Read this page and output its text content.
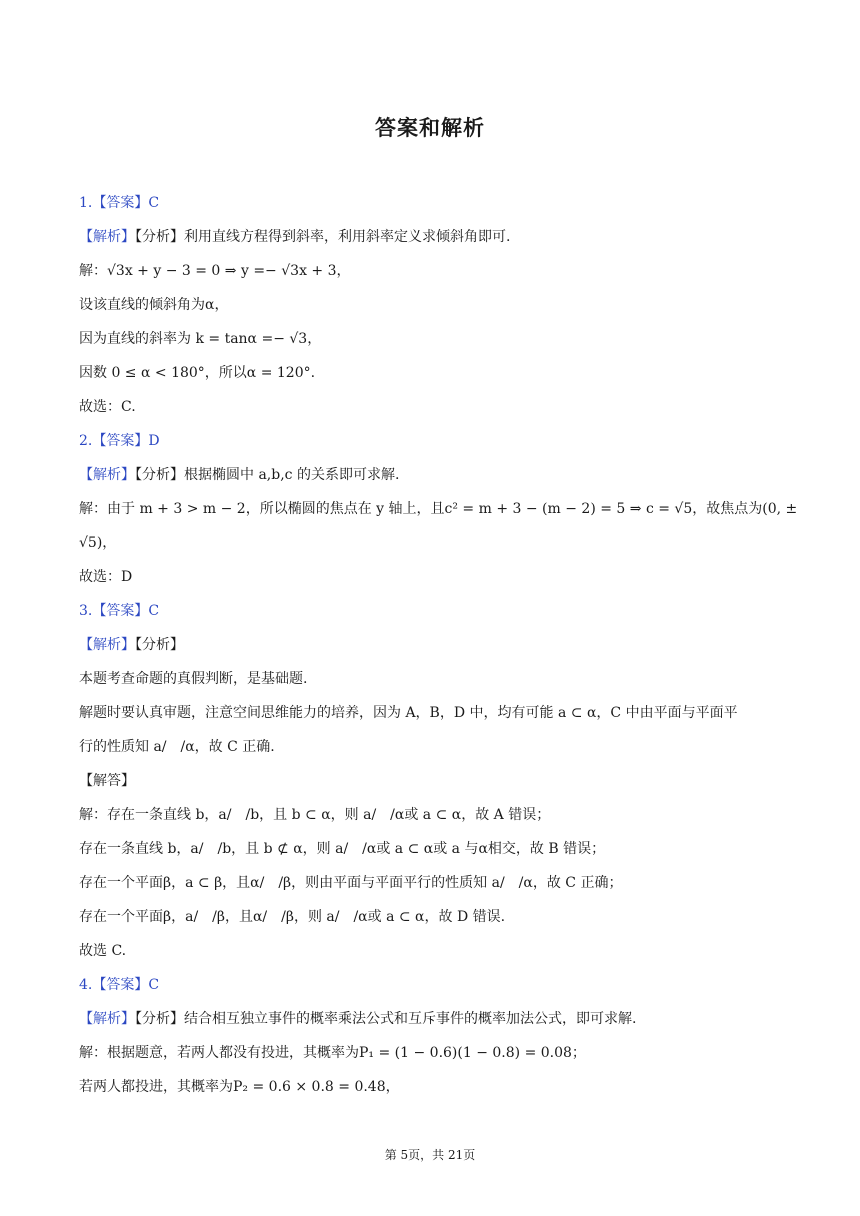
答案和解析
1.【答案】C
【解析】【分析】利用直线方程得到斜率，利用斜率定义求倾斜角即可.
解：√3x + y − 3 = 0 ⇒ y =− √3x + 3，
设该直线的倾斜角为α，
因为直线的斜率为 k = tanα =− √3，
因数 0 ≤ α < 180°，所以α = 120°.
故选：C.
2.【答案】D
【解析】【分析】根据椭圆中 a,b,c 的关系即可求解.
解：由于 m + 3 > m − 2，所以椭圆的焦点在 y 轴上，且c² = m + 3 − (m − 2) = 5 ⇒ c = √5，故焦点为(0, ±
√5)，
故选：D
3.【答案】C
【解析】【分析】
本题考查命题的真假判断，是基础题.
解题时要认真审题，注意空间思维能力的培养，因为 A，B，D 中，均有可能 a ⊂ α，C 中由平面与平面平
行的性质知 a/　/α，故 C 正确.
【解答】
解：存在一条直线 b，a/　/b，且 b ⊂ α，则 a/　/α或 a ⊂ α，故 A 错误；
存在一条直线 b，a/　/b，且 b ⊄ α，则 a/　/α或 a ⊂ α或 a 与α相交，故 B 错误；
存在一个平面β，a ⊂ β，且α/　/β，则由平面与平面平行的性质知 a/　/α，故 C 正确；
存在一个平面β，a/　/β，且α/　/β，则 a/　/α或 a ⊂ α，故 D 错误.
故选 C.
4.【答案】C
【解析】【分析】结合相互独立事件的概率乘法公式和互斥事件的概率加法公式，即可求解.
解：根据题意，若两人都没有投进，其概率为P₁ = (1 − 0.6)(1 − 0.8) = 0.08；
若两人都投进，其概率为P₂ = 0.6 × 0.8 = 0.48，
第 5页，共 21页
